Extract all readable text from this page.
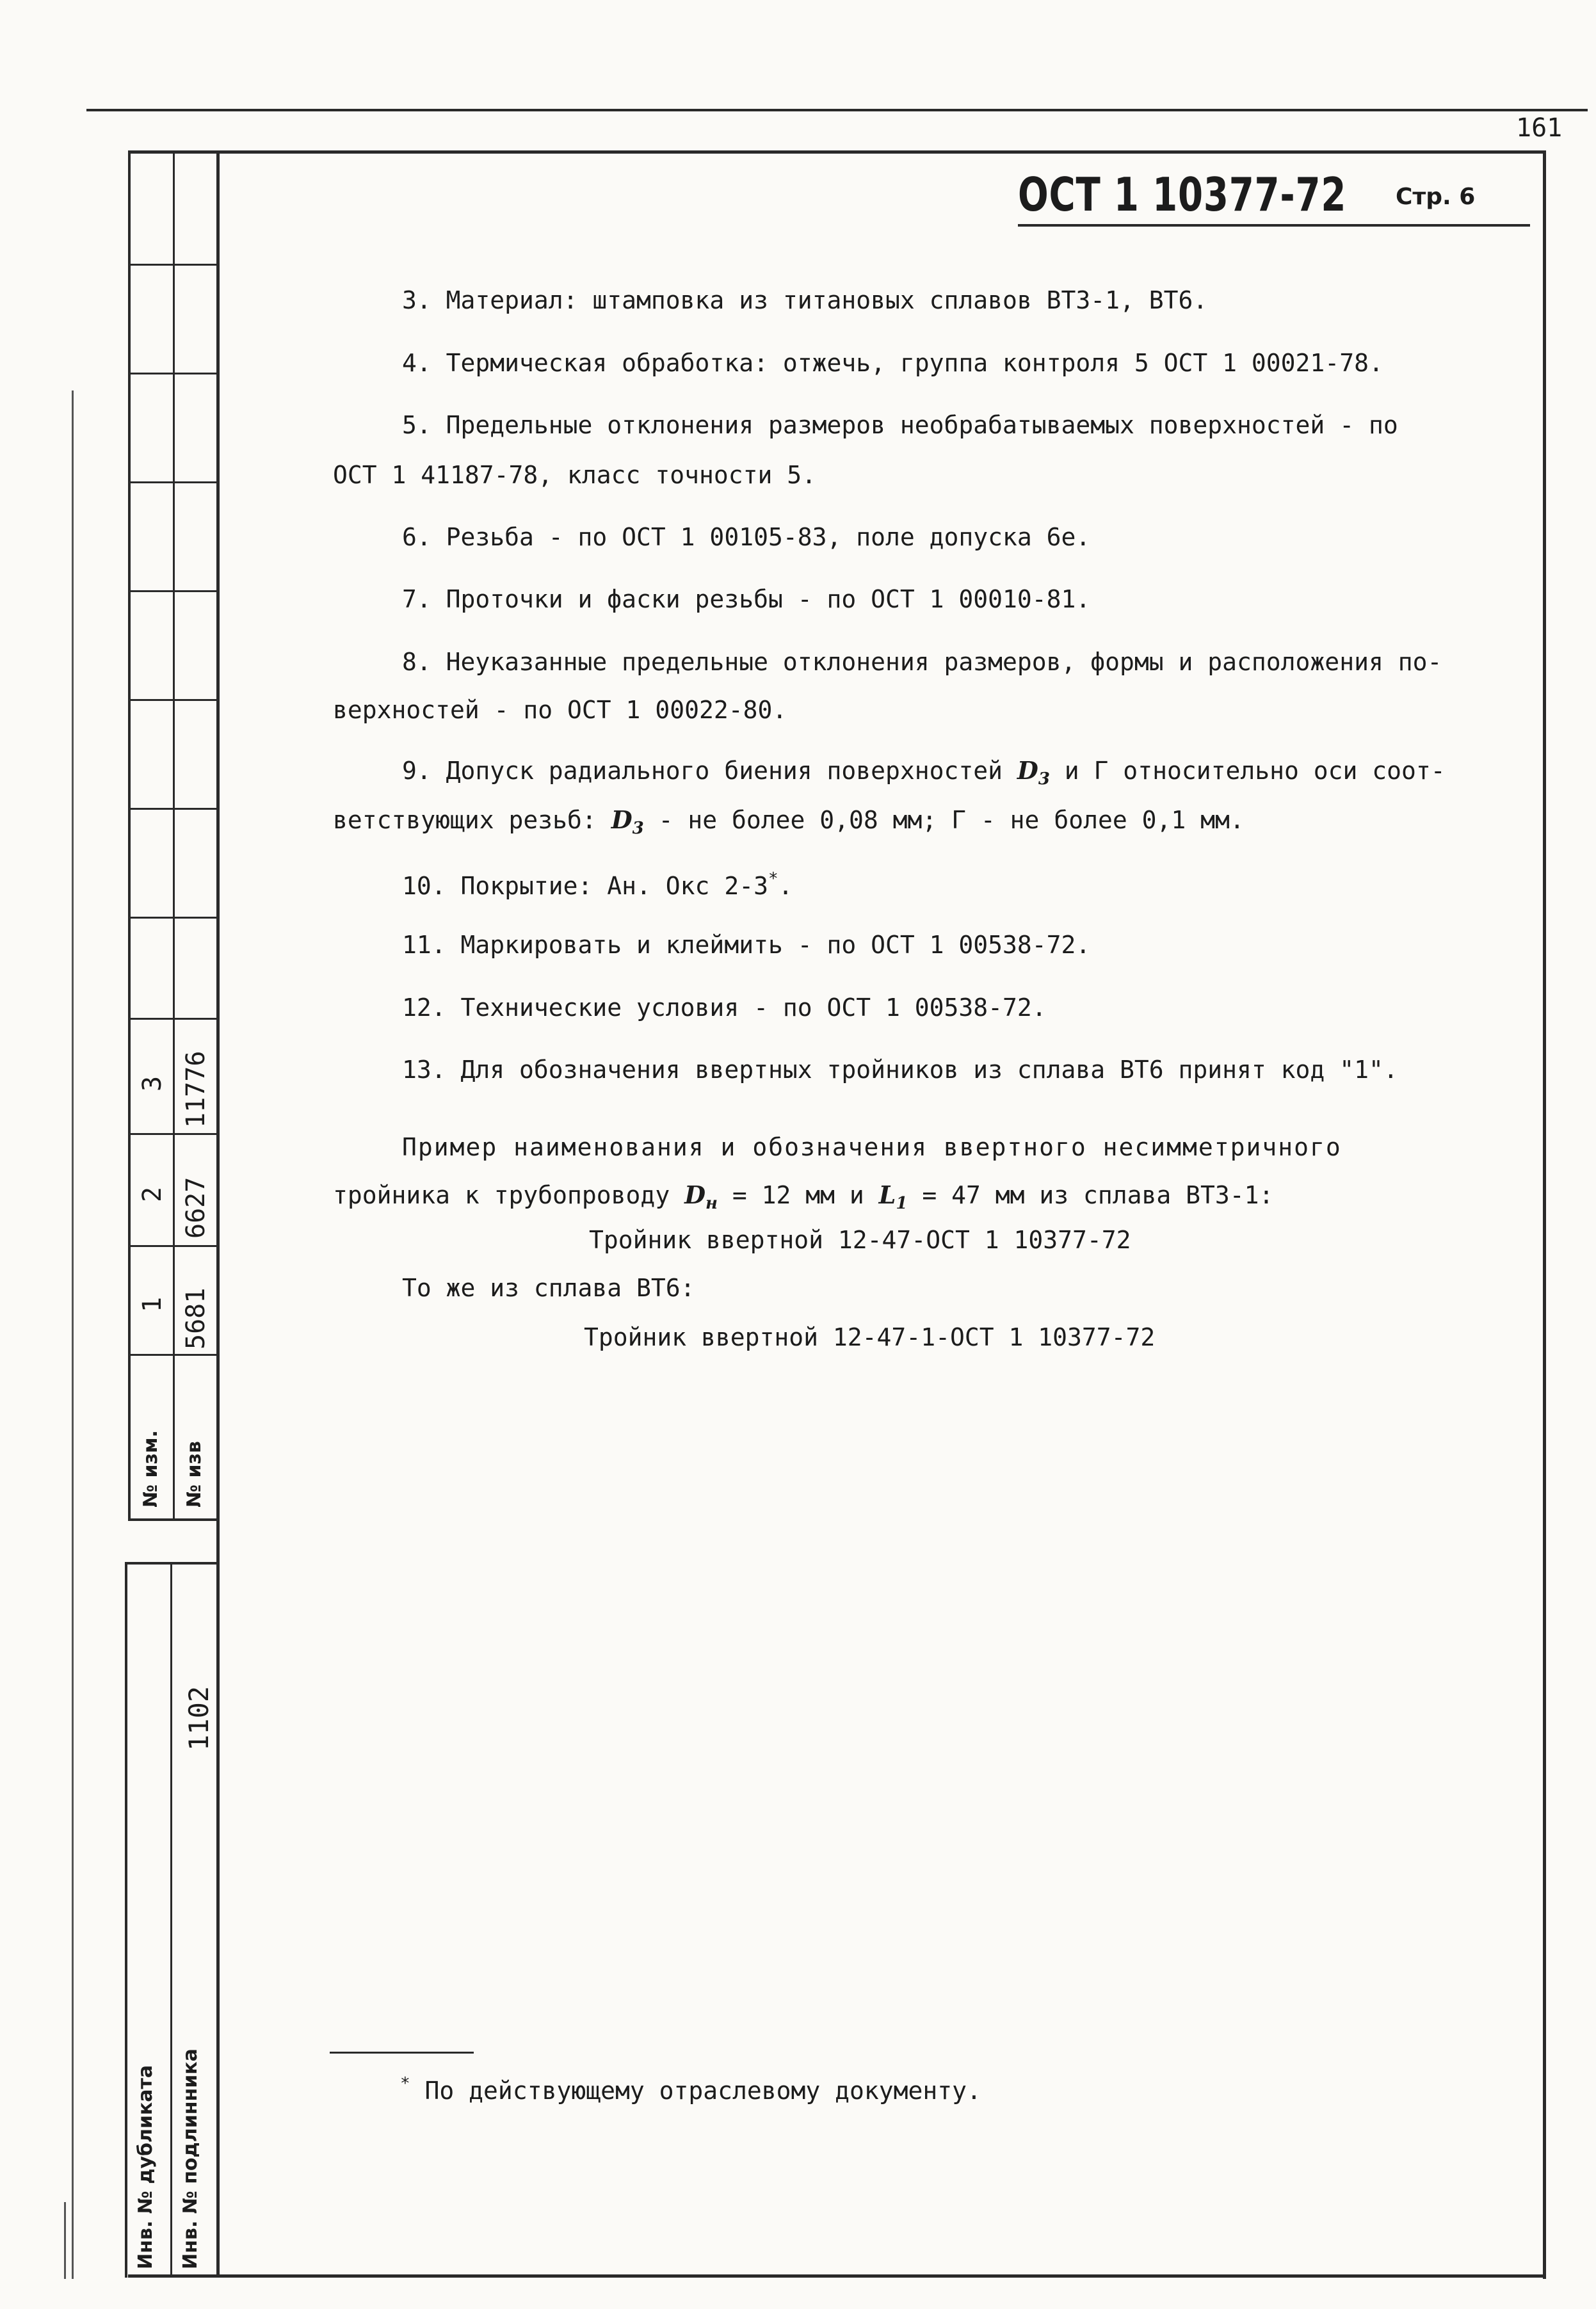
161
1
2
3
5681
6627
11776
№ изм. № изв
Инв. № дубликата Инв. № подлинника
1102
ОСТ 1 10377-72 Стр. 6
3. Материал: штамповка из титановых сплавов ВТ3-1, ВТ6.
4. Термическая обработка: отжечь, группа контроля 5 ОСТ 1 00021-78.
5. Предельные отклонения размеров необрабатываемых поверхностей - по
ОСТ 1 41187-78, класс точности 5.
6. Резьба - по ОСТ 1 00105-83, поле допуска 6е.
7. Проточки и фаски резьбы - по ОСТ 1 00010-81.
8. Неуказанные предельные отклонения размеров, формы и расположения по-
верхностей - по ОСТ 1 00022-80.
9. Допуск радиального биения поверхностей $D_3$ и Г относительно оси соот-
ветствующих резьб: $D_3$ - не более 0,08 мм; Г - не более 0,1 мм.
10. Покрытие: Ан. Окс 2-3*.
11. Маркировать и клеймить - по ОСТ 1 00538-72.
12. Технические условия - по ОСТ 1 00538-72.
13. Для обозначения ввертных тройников из сплава ВТ6 принят код "1".
Пример наименования и обозначения ввертного несимметричного
тройника к трубопроводу $D_н = 12$ мм и $L_1 = 47$ мм из сплава ВТ3-1:
Тройник ввертной 12-47-ОСТ 1 10377-72
То же из сплава ВТ6:
Тройник ввертной 12-47-1-ОСТ 1 10377-72
* По действующему отраслевому документу.
